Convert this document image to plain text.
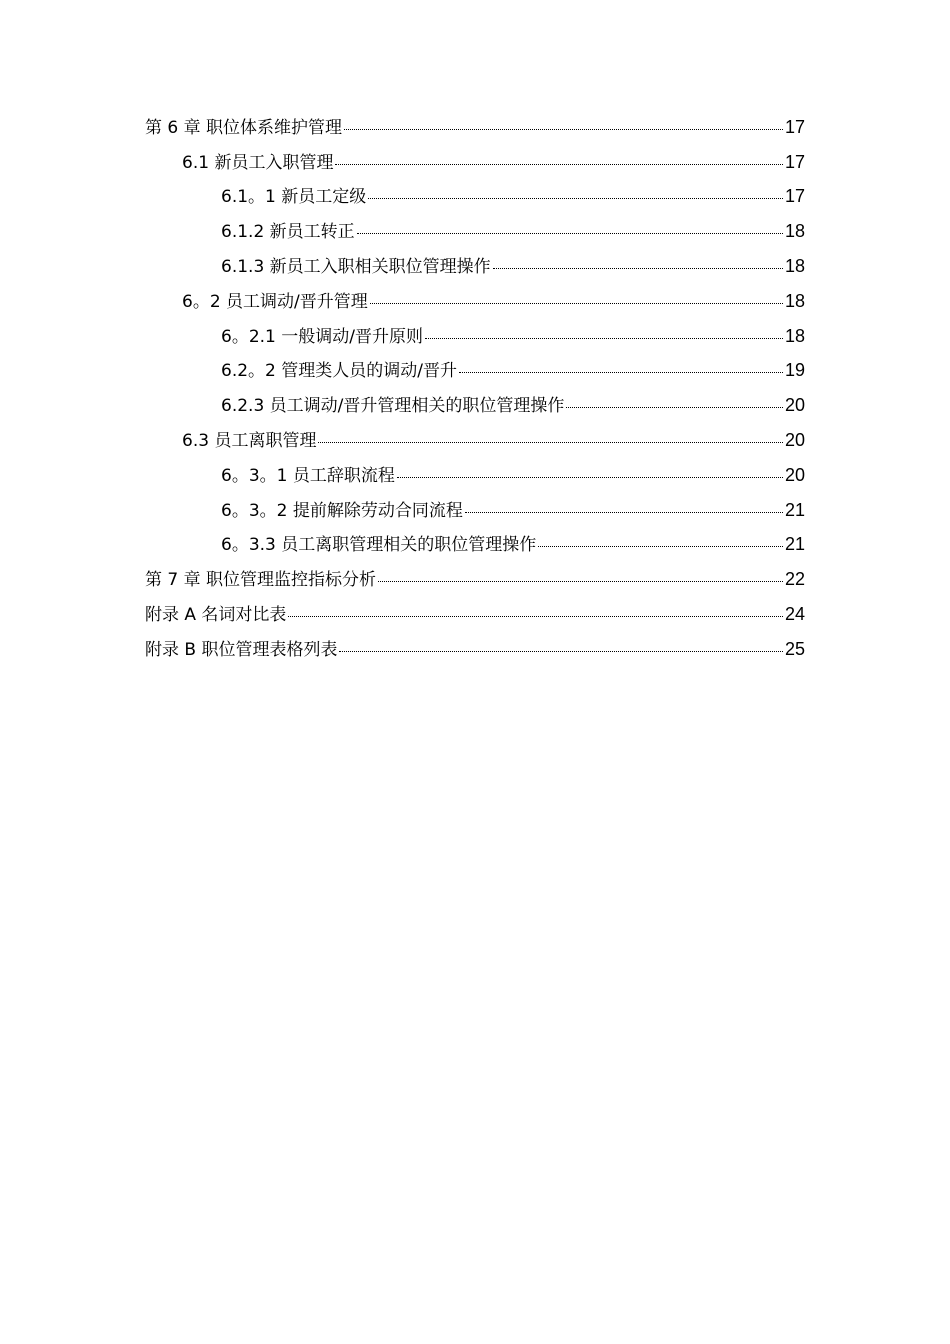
第 6 章 职位体系维护管理	17
6.1 新员工入职管理	17
6.1。1 新员工定级	17
6.1.2 新员工转正	18
6.1.3 新员工入职相关职位管理操作	18
6。2 员工调动/晋升管理	18
6。2.1 一般调动/晋升原则	18
6.2。2 管理类人员的调动/晋升	19
6.2.3 员工调动/晋升管理相关的职位管理操作	20
6.3 员工离职管理	20
6。3。1 员工辞职流程	20
6。3。2 提前解除劳动合同流程	21
6。3.3 员工离职管理相关的职位管理操作	21
第 7 章 职位管理监控指标分析	22
附录 A 名词对比表	24
附录 B 职位管理表格列表	25
